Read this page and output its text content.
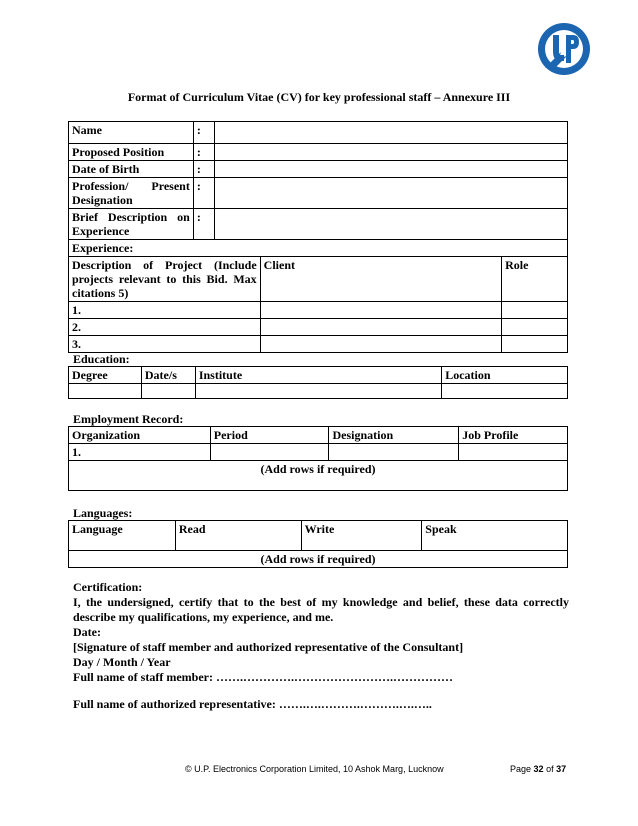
Format of Curriculum Vitae (CV) for key professional staff – Annexure III
Name	:			
Proposed Position	:			
Date of Birth	:			
Profession/ Present Designation	:			
Brief Description on Experience	:			
Experience:				
Description of Project (Include projects relevant to this Bid. Max citations 5)			Client	Role
1.				
2.				
3.				
Education:
Degree	Date/s	Institute	Location

Employment Record:
Organization	Period	Designation	Job Profile
1.			
(Add rows if required)			
Languages:
Language	Read	Write	Speak
(Add rows if required)

Certification:

I, the undersigned, certify that to the best of my knowledge and belief, these data correctly describe my qualifications, my experience, and me.

Date:

[Signature of staff member and authorized representative of the Consultant]

Day / Month / Year

Full name of staff member: …….………….…………………….……………

Full name of authorized representative: …….….……….……….….…..

© U.P. Electronics Corporation Limited, 10 Ashok Marg, Lucknow	Page 32 of 37
